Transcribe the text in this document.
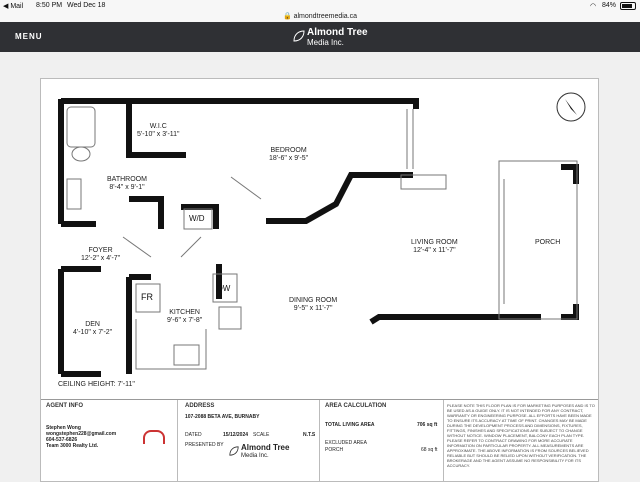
◀ Mail 8:50 PM Wed Dec 18	◠ 84%
🔒 almondtreemedia.ca
MENU	Almond Tree
Media Inc.
W.I.C
5'-10" x 3'-11"
BEDROOM
18'-6" x 9'-5"
BATHROOM
8'-4" x 9'-1"
FOYER
12'-2" x 4'-7"
DEN
4'-10" x 7'-2"
KITCHEN
9'-6" x 7'-8"
DINING ROOM
9'-5" x 11'-7"
LIVING ROOM
12'-4" x 11'-7"
PORCH
W/D
FR
DW
CEILING HEIGHT: 7'-11"
AGENT INFO
Stephen Wong
wongstephen228@gmail.com
604-537-6826
Team 3000 Realty Ltd.
ADDRESS
107-2088 BETA AVE, BURNABY
DATED	15/12/2024 SCALE	N.T.S
PRESENTED BY Almond Tree
Media Inc.
AREA CALCULATION
TOTAL LIVING AREA	706 sq ft
EXCLUDED AREA
PORCH	68 sq ft
PLEASE NOTE THIS FLOOR PLAN IS FOR MARKETING PURPOSES AND IS TO BE USED AS A GUIDE ONLY. IT IS NOT INTENDED FOR ANY CONTRACT, WARRANTY OR ENGINEERING PURPOSE. ALL EFFORTS HAVE BEEN MADE TO ENSURE ITS ACCURACY AT TIME OF PRINT. CHANGES MAY BE MADE DURING THE DEVELOPMENT PROCESS AND DIMENSIONS, FIXTURES, FITTINGS, FINISHES AND SPECIFICATIONS ARE SUBJECT TO CHANGE WITHOUT NOTICE. WINDOW PLACEMENT, BALCONY EACH PLAN TYPE. PLEASE REFER TO CONTRACT DRAWING FOR MORE ACCURATE INFORMATION ON PARTICULAR PROPERTY. ALL MEASUREMENTS ARE APPROXIMATE. THE ABOVE INFORMATION IS FROM SOURCES BELIEVED RELIABLE BUT SHOULD BE RELIED UPON WITHOUT VERIFICATION. THE BROKERAGE AND THE AGENT ASSUME NO RESPONSIBILITY FOR ITS ACCURACY.
